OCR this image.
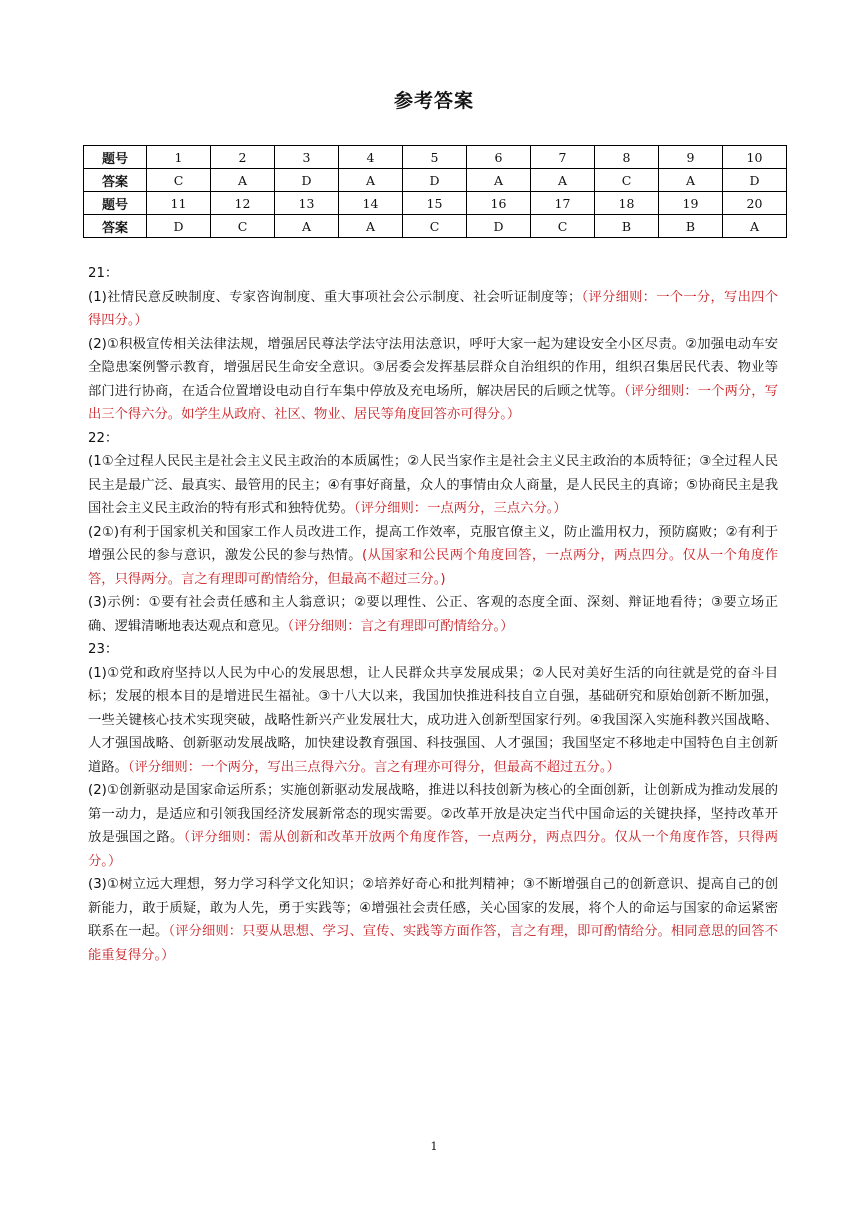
参考答案
题号	1	2	3	4	5	6	7	8	9	10
答案	C	A	D	A	D	A	A	C	A	D
题号	11	12	13	14	15	16	17	18	19	20
答案	D	C	A	A	C	D	C	B	B	A

21：

(1)社情民意反映制度、专家咨询制度、重大事项社会公示制度、社会听证制度等；（评分细则：一个一分，写出四个得四分。）

(2)①积极宣传相关法律法规，增强居民尊法学法守法用法意识，呼吁大家一起为建设安全小区尽责。②加强电动车安全隐患案例警示教育，增强居民生命安全意识。③居委会发挥基层群众自治组织的作用，组织召集居民代表、物业等部门进行协商，在适合位置增设电动自行车集中停放及充电场所，解决居民的后顾之忧等。（评分细则：一个两分，写出三个得六分。如学生从政府、社区、物业、居民等角度回答亦可得分。）

22：

(1①全过程人民民主是社会主义民主政治的本质属性；②人民当家作主是社会主义民主政治的本质特征；③全过程人民民主是最广泛、最真实、最管用的民主；④有事好商量，众人的事情由众人商量，是人民民主的真谛；⑤协商民主是我国社会主义民主政治的特有形式和独特优势。（评分细则：一点两分，三点六分。）

(2①)有利于国家机关和国家工作人员改进工作，提高工作效率，克服官僚主义，防止滥用权力，预防腐败；②有利于增强公民的参与意识，激发公民的参与热情。(从国家和公民两个角度回答，一点两分，两点四分。仅从一个角度作答，只得两分。言之有理即可酌情给分，但最高不超过三分。)

(3)示例：①要有社会责任感和主人翁意识；②要以理性、公正、客观的态度全面、深刻、辩证地看待；③要立场正确、逻辑清晰地表达观点和意见。（评分细则：言之有理即可酌情给分。）

23：

(1)①党和政府坚持以人民为中心的发展思想，让人民群众共享发展成果；②人民对美好生活的向往就是党的奋斗目标；发展的根本目的是增进民生福祉。③十八大以来，我国加快推进科技自立自强，基础研究和原始创新不断加强，一些关键核心技术实现突破，战略性新兴产业发展壮大，成功进入创新型国家行列。④我国深入实施科教兴国战略、人才强国战略、创新驱动发展战略，加快建设教育强国、科技强国、人才强国；我国坚定不移地走中国特色自主创新道路。（评分细则：一个两分，写出三点得六分。言之有理亦可得分，但最高不超过五分。）

(2)①创新驱动是国家命运所系；实施创新驱动发展战略，推进以科技创新为核心的全面创新，让创新成为推动发展的第一动力，是适应和引领我国经济发展新常态的现实需要。②改革开放是决定当代中国命运的关键抉择，坚持改革开放是强国之路。（评分细则：需从创新和改革开放两个角度作答，一点两分，两点四分。仅从一个角度作答，只得两分。）

(3)①树立远大理想，努力学习科学文化知识；②培养好奇心和批判精神；③不断增强自己的创新意识、提高自己的创新能力，敢于质疑，敢为人先，勇于实践等；④增强社会责任感，关心国家的发展，将个人的命运与国家的命运紧密联系在一起。（评分细则：只要从思想、学习、宣传、实践等方面作答，言之有理，即可酌情给分。相同意思的回答不能重复得分。）

1
